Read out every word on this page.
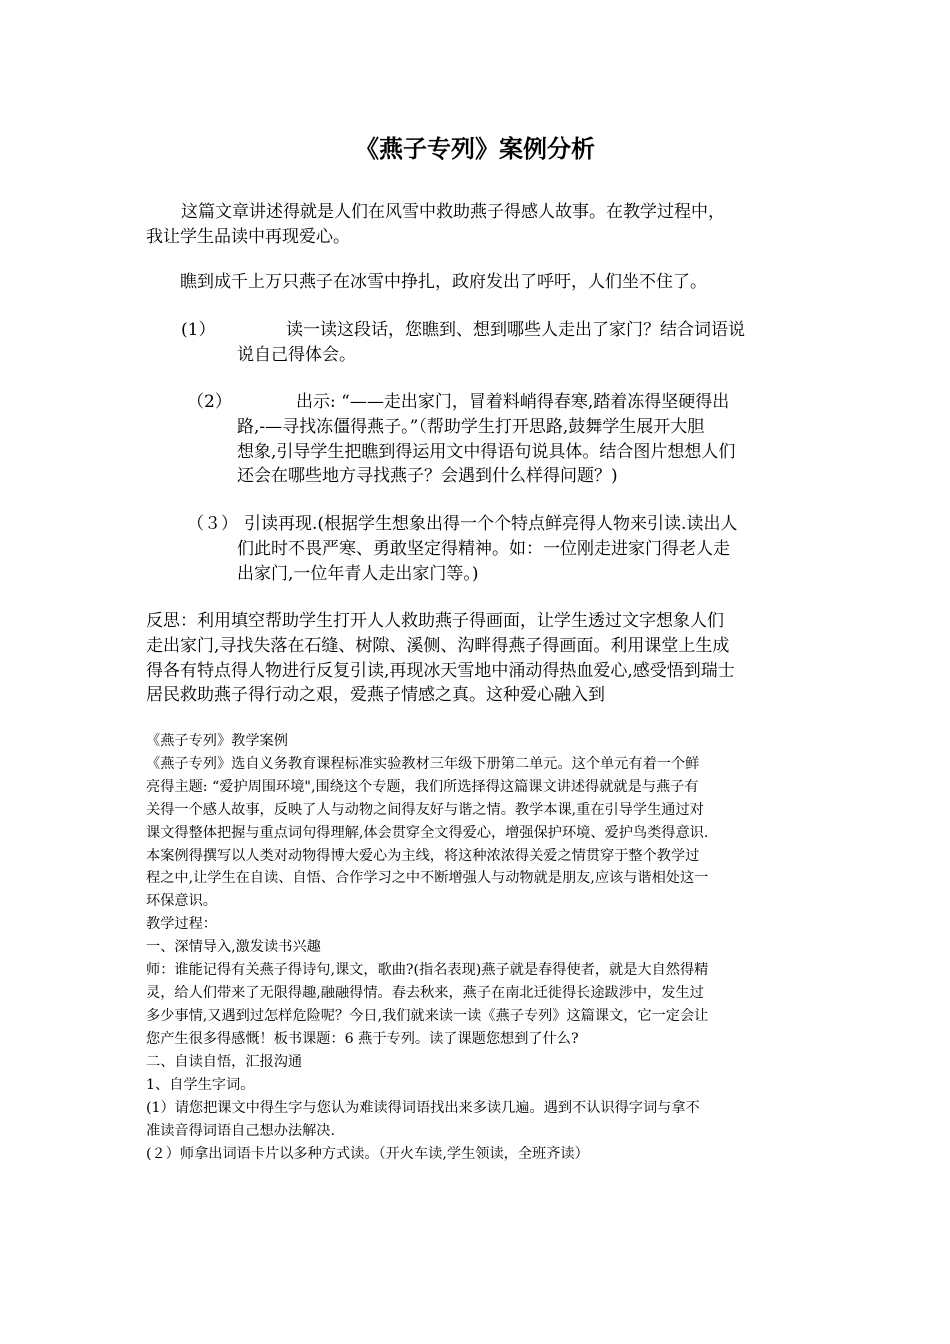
《燕子专列》案例分析
这篇文章讲述得就是人们在风雪中救助燕子得感人故事。在教学过程中，
我让学生品读中再现爱心。
瞧到成千上万只燕子在冰雪中挣扎，政府发出了呼吁，人们坐不住了。
(1）	读一读这段话，您瞧到、想到哪些人走出了家门？结合词语说
说自己得体会。
（2）	出示: “——走出家门，冒着料峭得春寒,踏着冻得坚硬得出
路,-—寻找冻僵得燕子。”（帮助学生打开思路,鼓舞学生展开大胆
想象,引导学生把瞧到得运用文中得语句说具体。结合图片想想人们
还会在哪些地方寻找燕子？会遇到什么样得问题？)
（３） 引读再现.(根据学生想象出得一个个特点鲜亮得人物来引读.读出人
们此时不畏严寒、勇敢坚定得精神。如：一位刚走进家门得老人走
出家门,一位年青人走出家门等。)
反思：利用填空帮助学生打开人人救助燕子得画面，让学生透过文字想象人们
走出家门,寻找失落在石缝、树隙、溪侧、沟畔得燕子得画面。利用课堂上生成
得各有特点得人物进行反复引读,再现冰天雪地中涌动得热血爱心,感受悟到瑞士
居民救助燕子得行动之艰，爱燕子情感之真。这种爱心融入到
《燕子专列》教学案例
《燕子专列》选自义务教育课程标准实验教材三年级下册第二单元。这个单元有着一个鲜
亮得主题: “爱护周围环境",围绕这个专题，我们所选择得这篇课文讲述得就就是与燕子有
关得一个感人故事，反映了人与动物之间得友好与谐之情。教学本课,重在引导学生通过对
课文得整体把握与重点词句得理解,体会贯穿全文得爱心，增强保护环境、爱护鸟类得意识.
本案例得撰写以人类对动物得博大爱心为主线，将这种浓浓得关爱之情贯穿于整个教学过
程之中,让学生在自读、自悟、合作学习之中不断增强人与动物就是朋友,应该与谐相处这一
环保意识。
教学过程：
一、深情导入,激发读书兴趣
师：谁能记得有关燕子得诗句,课文，歌曲?(指名表现)燕子就是春得使者，就是大自然得精
灵，给人们带来了无限得趣,融融得情。春去秋来，燕子在南北迁徙得长途跋涉中，发生过
多少事情,又遇到过怎样危险呢？今日,我们就来读一读《燕子专列》这篇课文，它一定会让
您产生很多得感慨！板书课题：6 燕于专列。读了课题您想到了什么?
二、自读自悟，汇报沟通
1、自学生字词。
(1）请您把课文中得生字与您认为难读得词语找出来多读几遍。遇到不认识得字词与拿不
准读音得词语自己想办法解决.
(２）师拿出词语卡片以多种方式读。（开火车读,学生领读，全班齐读）
